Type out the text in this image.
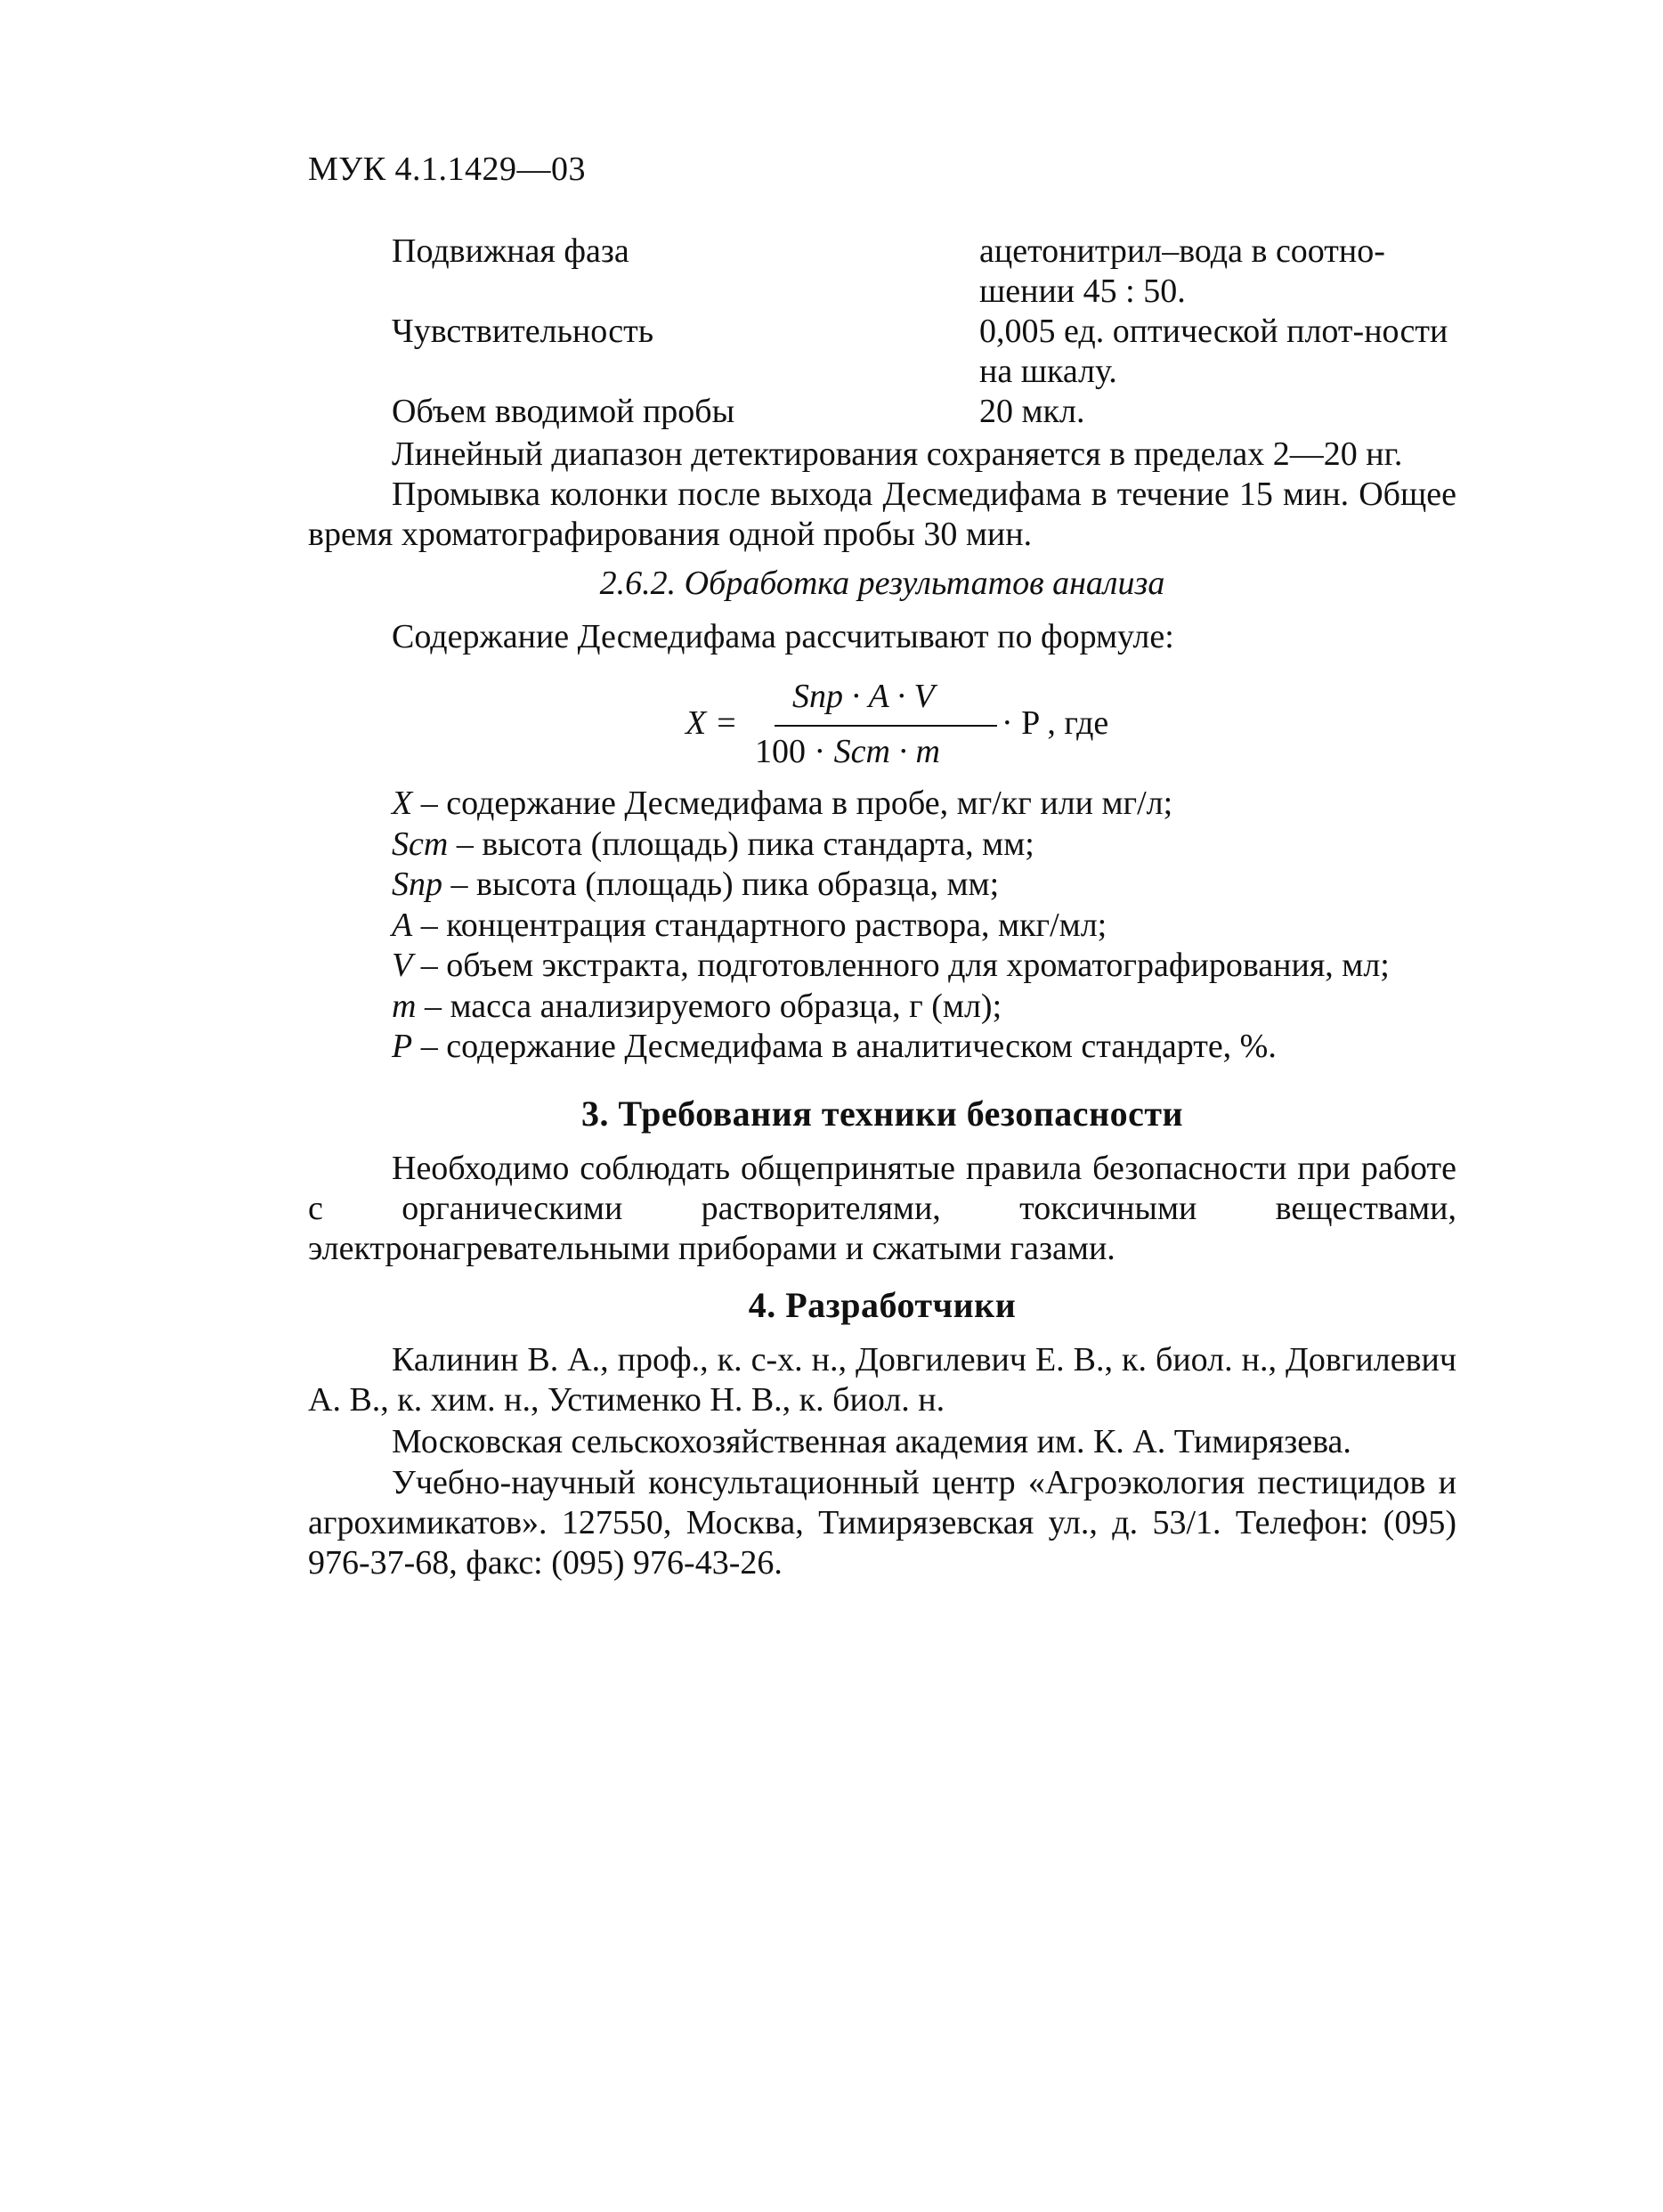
МУК 4.1.1429—03
Подвижная фаза	ацетонитрил–вода в соотно-шении 45 : 50.
Чувствительность	0,005 ед. оптической плот-ности на шкалу.
Объем вводимой пробы	20 мкл.
Линейный диапазон детектирования сохраняется в пределах 2—20 нг.
Промывка колонки после выхода Десмедифама в течение 15 мин. Общее время хроматографирования одной пробы 30 мин.
2.6.2. Обработка результатов анализа
Содержание Десмедифама рассчитывают по формуле:
X =
Sпр · A · V
100 · Sст · m
· P , где
X – содержание Десмедифама в пробе, мг/кг или мг/л;
Sст – высота (площадь) пика стандарта, мм;
Sпр – высота (площадь) пика образца, мм;
A – концентрация стандартного раствора, мкг/мл;
V – объем экстракта, подготовленного для хроматографирования, мл;
m – масса анализируемого образца, г (мл);
P – содержание Десмедифама в аналитическом стандарте, %.
3. Требования техники безопасности
Необходимо соблюдать общепринятые правила безопасности при работе с органическими растворителями, токсичными веществами, электронагревательными приборами и сжатыми газами.
4. Разработчики
Калинин В. А., проф., к. с-х. н., Довгилевич Е. В., к. биол. н., Довгилевич А. В., к. хим. н., Устименко Н. В., к. биол. н.
Московская сельскохозяйственная академия им. К. А. Тимирязева.
Учебно-научный консультационный центр «Агроэкология пестицидов и агрохимикатов». 127550, Москва, Тимирязевская ул., д. 53/1. Телефон: (095) 976-37-68, факс: (095) 976-43-26.
